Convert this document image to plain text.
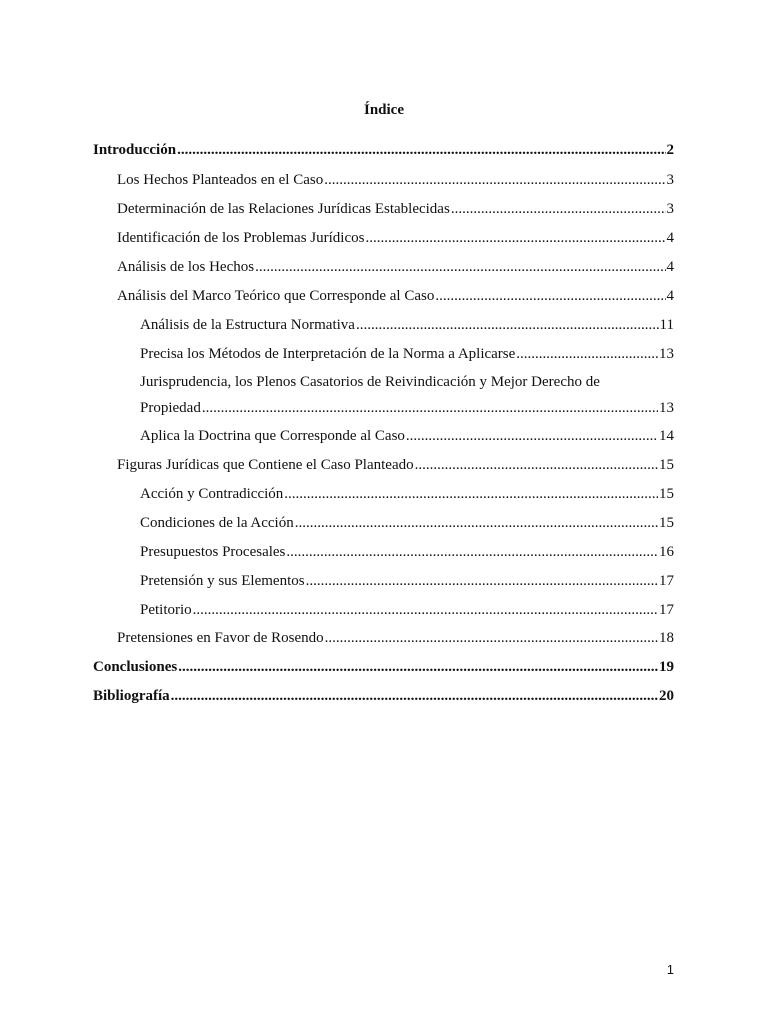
Índice
Introducción .....	2
Los Hechos Planteados en el Caso .....	3
Determinación de las Relaciones Jurídicas Establecidas .....	3
Identificación de los Problemas Jurídicos .....	4
Análisis de los Hechos .....	4
Análisis del Marco Teórico que Corresponde al Caso .....	4
Análisis de la Estructura Normativa .....	11
Precisa los Métodos de Interpretación de la Norma a Aplicarse .....	13
Jurisprudencia, los Plenos Casatorios de Reivindicación y Mejor Derecho de
Propiedad .....	13
Aplica la Doctrina que Corresponde al Caso .....	14
Figuras Jurídicas que Contiene el Caso Planteado .....	15
Acción y Contradicción .....	15
Condiciones de la Acción .....	15
Presupuestos Procesales .....	16
Pretensión y sus Elementos .....	17
Petitorio .....	17
Pretensiones en Favor de Rosendo .....	18
Conclusiones .....	19
Bibliografía .....	20
1
